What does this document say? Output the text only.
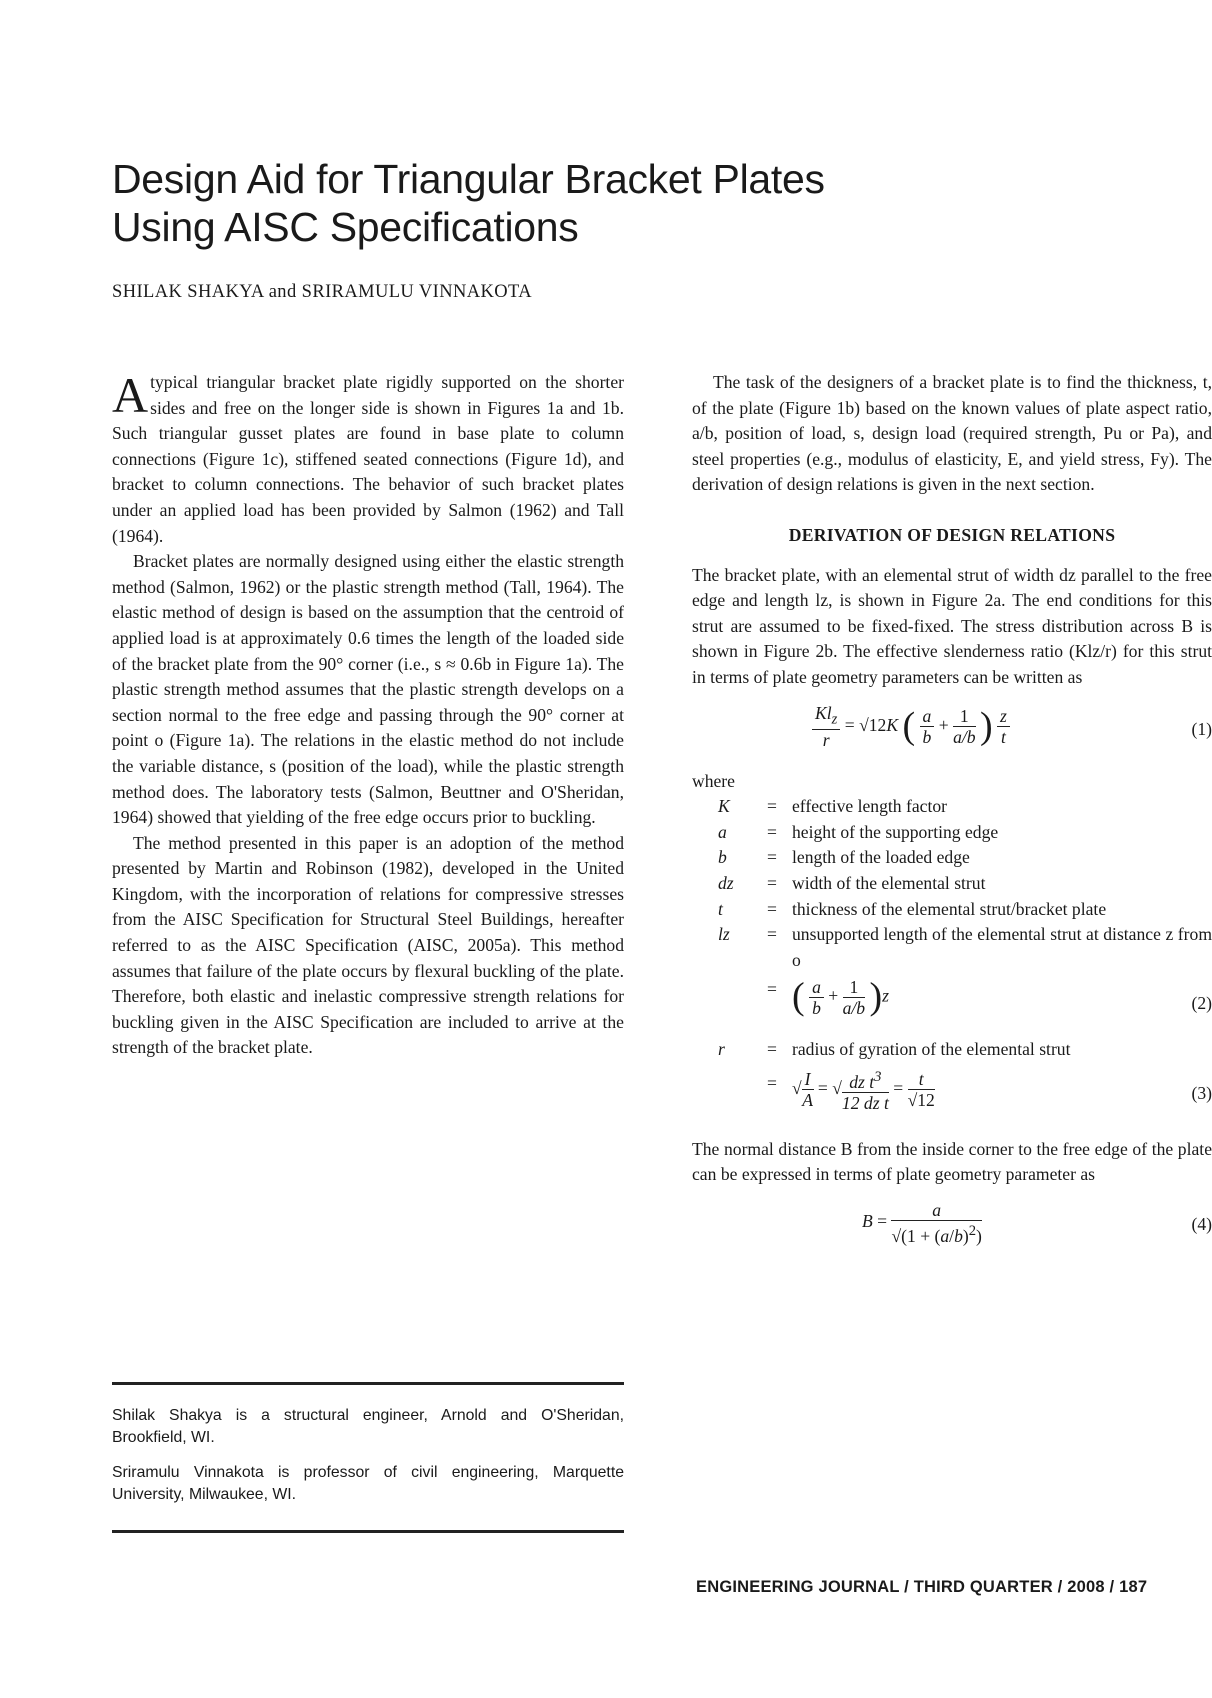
Design Aid for Triangular Bracket Plates
Using AISC Specifications
SHILAK SHAKYA and SRIRAMULU VINNAKOTA

Atypical triangular bracket plate rigidly supported on the shorter sides and free on the longer side is shown in Figures 1a and 1b. Such triangular gusset plates are found in base plate to column connections (Figure 1c), stiffened seated connections (Figure 1d), and bracket to column connections. The behavior of such bracket plates under an applied load has been provided by Salmon (1962) and Tall (1964).

Bracket plates are normally designed using either the elastic strength method (Salmon, 1962) or the plastic strength method (Tall, 1964). The elastic method of design is based on the assumption that the centroid of applied load is at approximately 0.6 times the length of the loaded side of the bracket plate from the 90° corner (i.e., s ≈ 0.6b in Figure 1a). The plastic strength method assumes that the plastic strength develops on a section normal to the free edge and passing through the 90° corner at point o (Figure 1a). The relations in the elastic method do not include the variable distance, s (position of the load), while the plastic strength method does. The laboratory tests (Salmon, Beuttner and O'Sheridan, 1964) showed that yielding of the free edge occurs prior to buckling.

The method presented in this paper is an adoption of the method presented by Martin and Robinson (1982), developed in the United Kingdom, with the incorporation of relations for compressive stresses from the AISC Specification for Structural Steel Buildings, hereafter referred to as the AISC Specification (AISC, 2005a). This method assumes that failure of the plate occurs by flexural buckling of the plate. Therefore, both elastic and inelastic compressive strength relations for buckling given in the AISC Specification are included to arrive at the strength of the bracket plate.

Shilak Shakya is a structural engineer, Arnold and O'Sheridan, Brookfield, WI.
Sriramulu Vinnakota is professor of civil engineering, Marquette University, Milwaukee, WI.

The task of the designers of a bracket plate is to find the thickness, t, of the plate (Figure 1b) based on the known values of plate aspect ratio, a/b, position of load, s, design load (required strength, Pu or Pa), and steel properties (e.g., modulus of elasticity, E, and yield stress, Fy). The derivation of design relations is given in the next section.

DERIVATION OF DESIGN RELATIONS

The bracket plate, with an elemental strut of width dz parallel to the free edge and length lz, is shown in Figure 2a. The end conditions for this strut are assumed to be fixed-fixed. The stress distribution across B is shown in Figure 2b. The effective slenderness ratio (Klz/r) for this strut in terms of plate geometry parameters can be written as

$\frac{Kl_z}{r} = √12K$ ( $\frac{a}{b} + \frac{1}{a/b}$ ) $\frac{z}{t}$	(1)

where

K	= effective length factor
a	= height of the supporting edge
b	= length of the loaded edge
dz	= width of the elemental strut
t	= thickness of the elemental strut/bracket plate
lz	= unsupported length of the elemental strut at distance z from o
= ( $\frac{a}{b} + \frac{1}{a/b} )z$	(2)
r	= radius of gyration of the elemental strut
= √ $\frac{I}{A}$ = √ $\frac{dz t^3}{\text{12 dz t}} = \frac{t}{√12}$	(3)

The normal distance B from the inside corner to the free edge of the plate can be expressed in terms of plate geometry parameter as

$B = \frac{a}{√(1 + (a/b)^2)}$	(4)
ENGINEERING JOURNAL / THIRD QUARTER / 2008 / 187
